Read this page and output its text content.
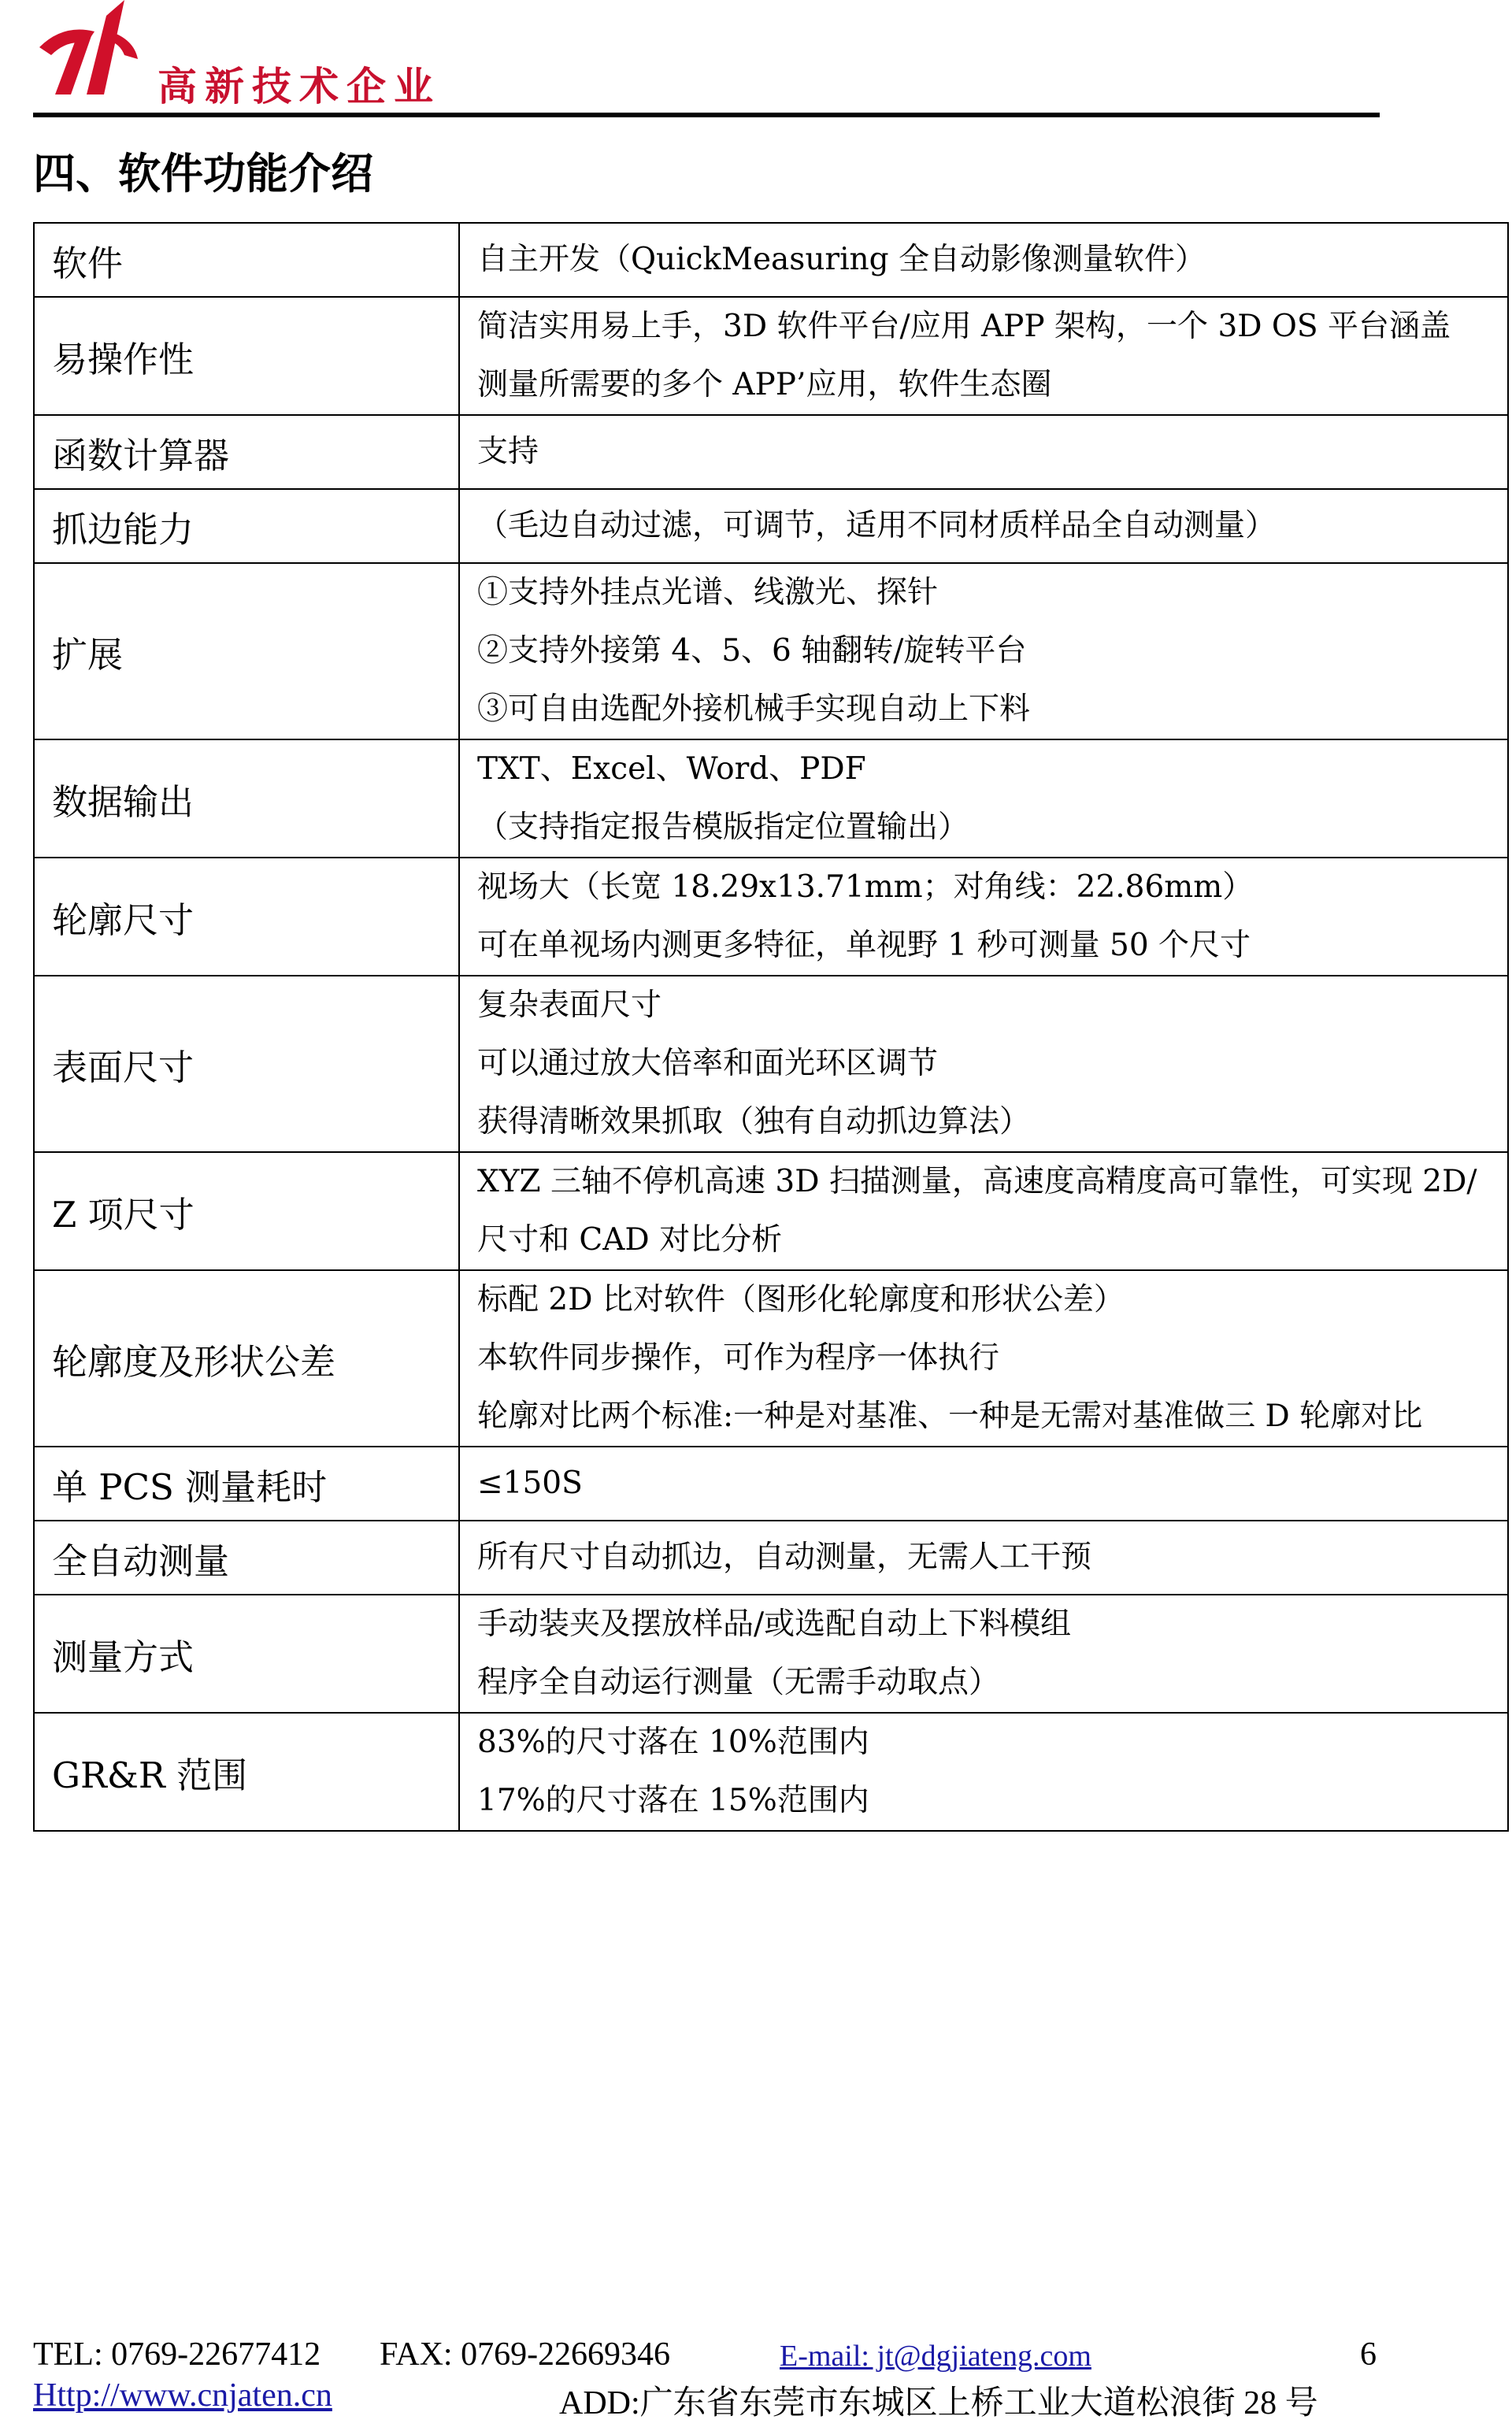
高新技术企业
四、软件功能介绍
软件	自主开发（QuickMeasuring 全自动影像测量软件）

易操作性	简洁实用易上手，3D 软件平台/应用 APP 架构，一个 3D OS 平台涵盖
测量所需要的多个 APP’应用，软件生态圈

函数计算器	支持

抓边能力	（毛边自动过滤，可调节，适用不同材质样品全自动测量）

扩展	①支持外挂点光谱、线激光、探针
②支持外接第 4、5、6 轴翻转/旋转平台
③可自由选配外接机械手实现自动上下料

数据输出	TXT、Excel、Word、PDF
（支持指定报告模版指定位置输出）

轮廓尺寸	视场大（长宽 18.29x13.71mm；对角线：22.86mm）
可在单视场内测更多特征，单视野 1 秒可测量 50 个尺寸

表面尺寸	复杂表面尺寸
可以通过放大倍率和面光环区调节
获得清晰效果抓取（独有自动抓边算法）

Z 项尺寸	XYZ 三轴不停机高速 3D 扫描测量，高速度高精度高可靠性，可实现 2D/
尺寸和 CAD 对比分析

轮廓度及形状公差	标配 2D 比对软件（图形化轮廓度和形状公差）
本软件同步操作，可作为程序一体执行
轮廓对比两个标准:一种是对基准、一种是无需对基准做三 D 轮廓对比

单 PCS 测量耗时	≤150S

全自动测量	所有尺寸自动抓边，自动测量，无需人工干预

测量方式	手动装夹及摆放样品/或选配自动上下料模组
程序全自动运行测量（无需手动取点）

GR&R 范围	83%的尺寸落在 10%范围内
17%的尺寸落在 15%范围内
TEL: 0769-22677412 FAX: 0769-22669346	E-mail: jt@dgjiateng.com	6
Http://www.cnjaten.cn	ADD:广东省东莞市东城区上桥工业大道松浪街 28 号
